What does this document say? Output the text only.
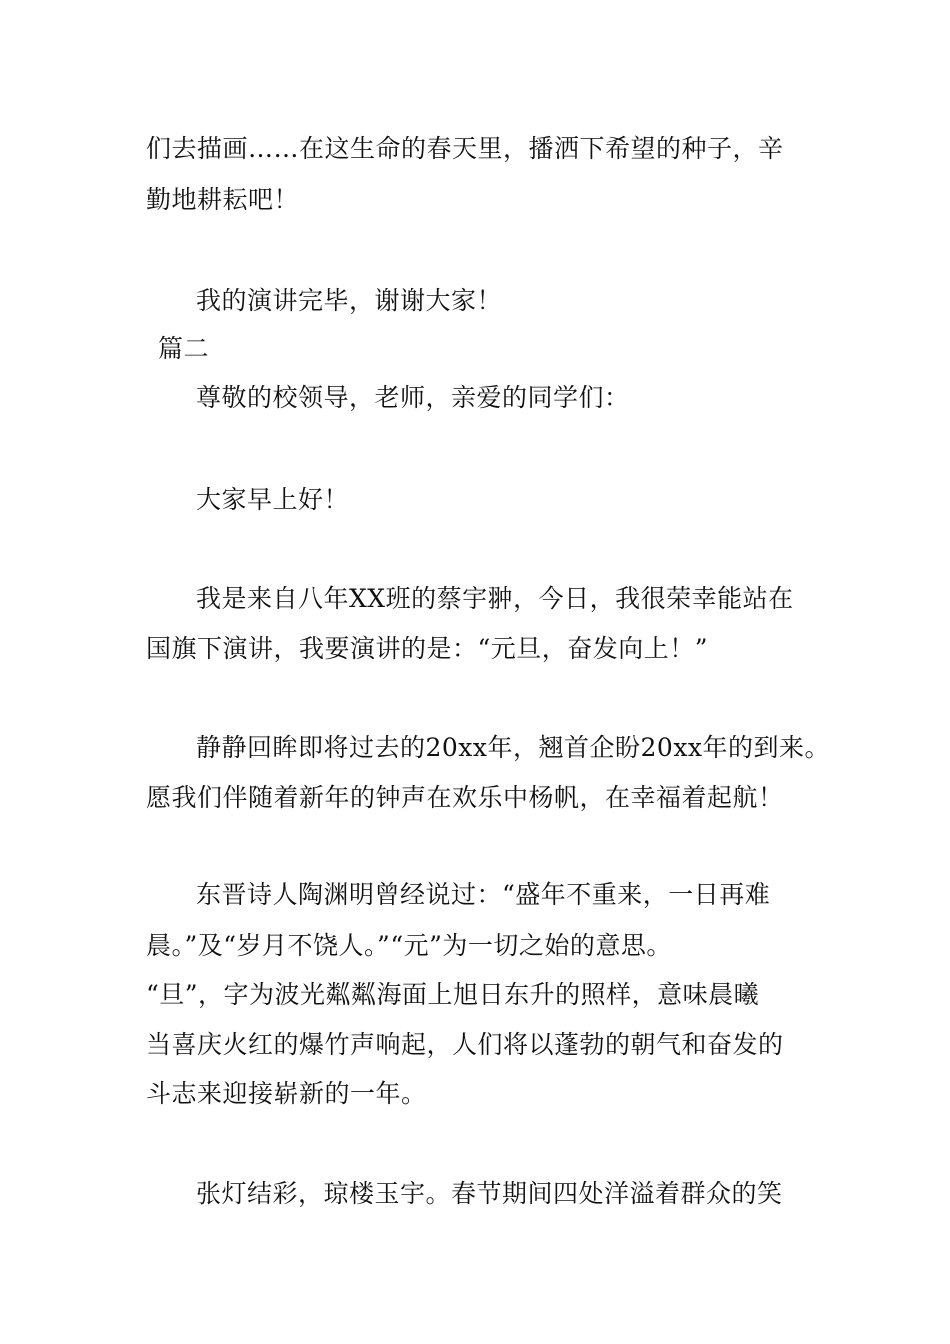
们去描画……在这生命的春天里，播洒下希望的种子，辛
勤地耕耘吧！
我的演讲完毕，谢谢大家！
篇二
尊敬的校领导，老师，亲爱的同学们：
大家早上好！
我是来自八年XX班的蔡宇翀，今日，我很荣幸能站在
国旗下演讲，我要演讲的是：“元旦，奋发向上！”
静静回眸即将过去的20xx年，翘首企盼20xx年的到来。
愿我们伴随着新年的钟声在欢乐中杨帆，在幸福着起航！
东晋诗人陶渊明曾经说过：“盛年不重来，一日再难
晨。”及“岁月不饶人。”“元”为一切之始的意思。
“旦”，字为波光粼粼海面上旭日东升的照样，意味晨曦
当喜庆火红的爆竹声响起，人们将以蓬勃的朝气和奋发的
斗志来迎接崭新的一年。
张灯结彩，琼楼玉宇。春节期间四处洋溢着群众的笑
